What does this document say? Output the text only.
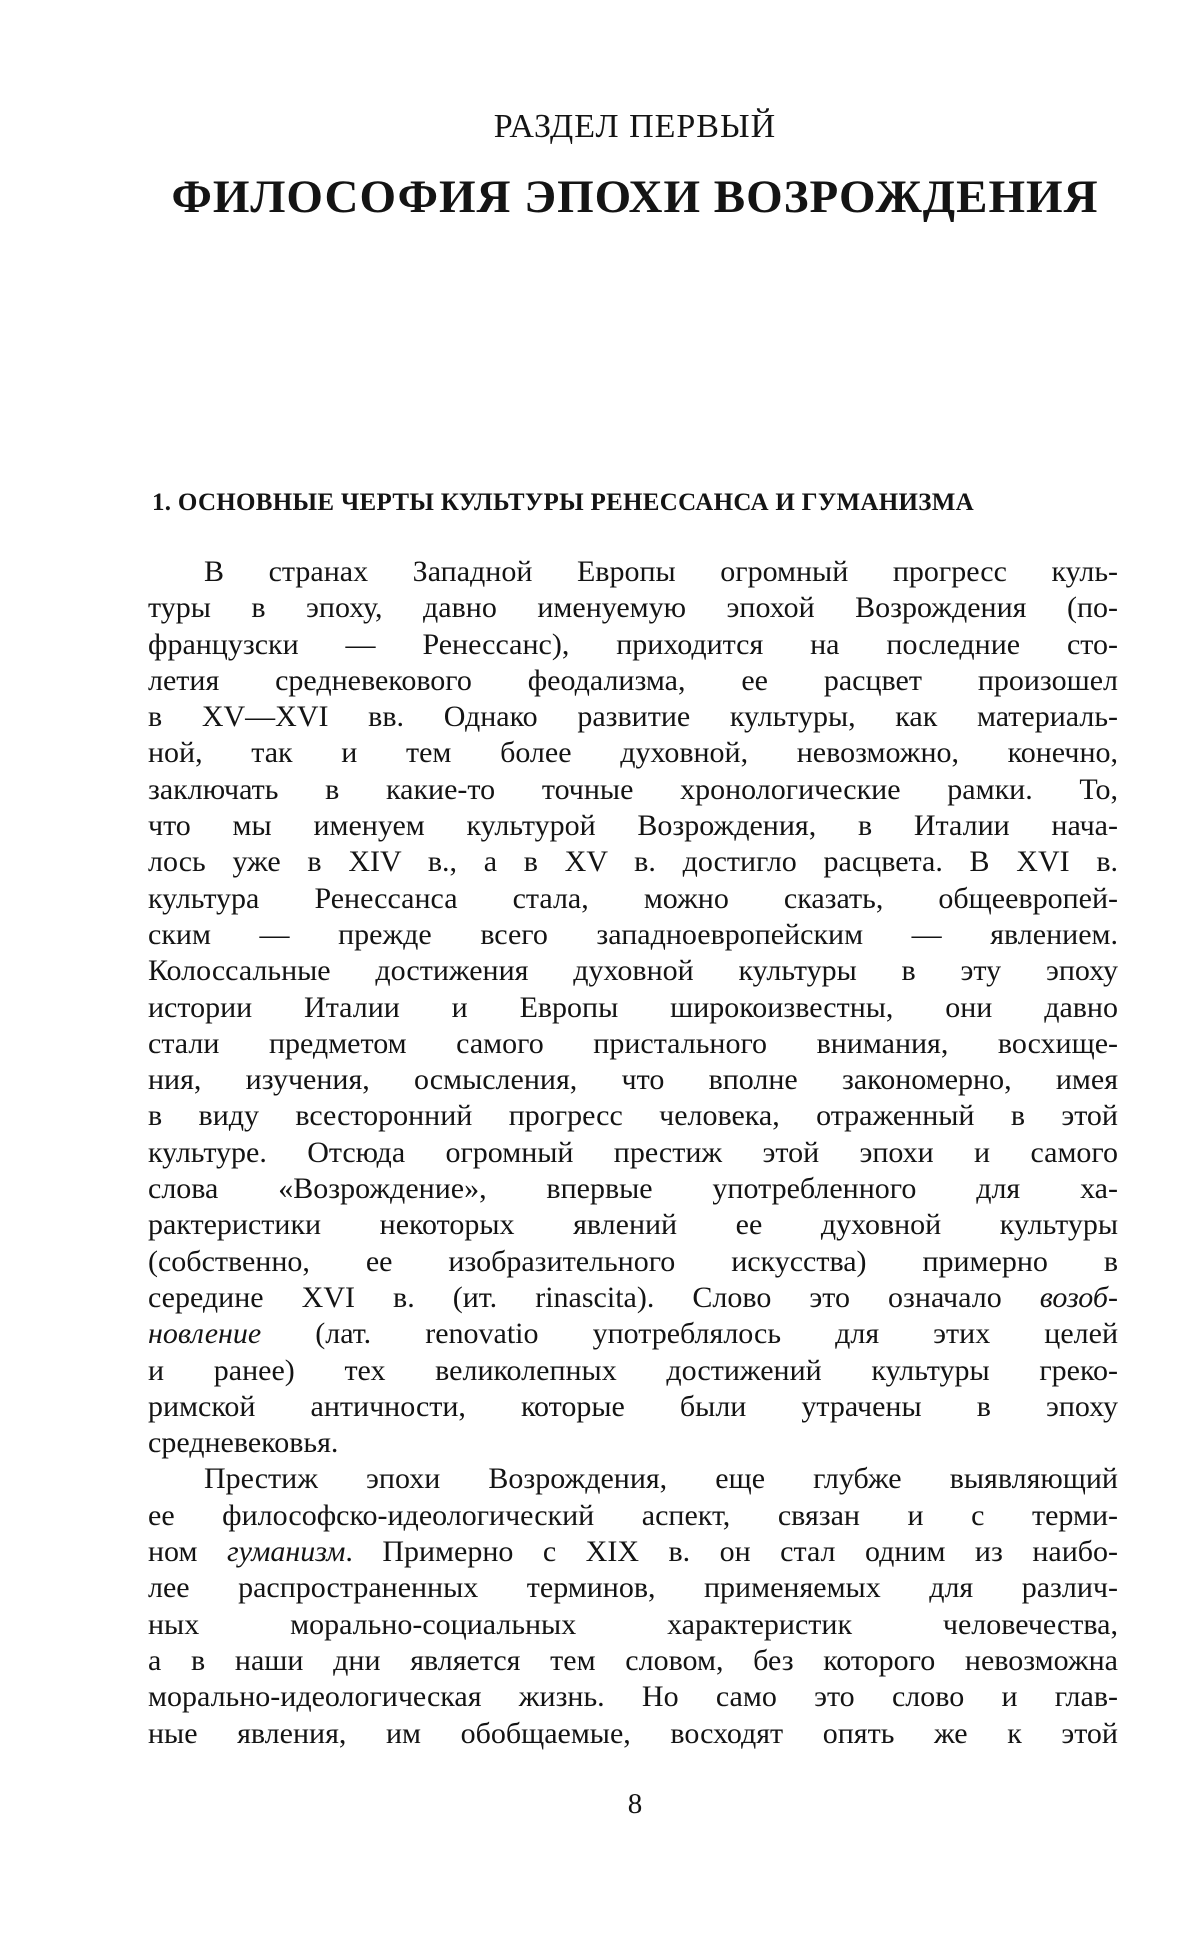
РАЗДЕЛ ПЕРВЫЙ
ФИЛОСОФИЯ ЭПОХИ ВОЗРОЖДЕНИЯ
1. ОСНОВНЫЕ ЧЕРТЫ КУЛЬТУРЫ РЕНЕССАНСА И ГУМАНИЗМА
В странах Западной Европы огромный прогресс куль-
туры в эпоху, давно именуемую эпохой Возрождения (по-
французски — Ренессанс), приходится на последние сто-
летия средневекового феодализма, ее расцвет произошел
в XV—XVI вв. Однако развитие культуры, как материаль-
ной, так и тем более духовной, невозможно, конечно,
заключать в какие-то точные хронологические рамки. То,
что мы именуем культурой Возрождения, в Италии нача-
лось уже в XIV в., а в XV в. достигло расцвета. В XVI в.
культура Ренессанса стала, можно сказать, общеевропей-
ским — прежде всего западноевропейским — явлением.
Колоссальные достижения духовной культуры в эту эпоху
истории Италии и Европы широкоизвестны, они давно
стали предметом самого пристального внимания, восхище-
ния, изучения, осмысления, что вполне закономерно, имея
в виду всесторонний прогресс человека, отраженный в этой
культуре. Отсюда огромный престиж этой эпохи и самого
слова «Возрождение», впервые употребленного для ха-
рактеристики некоторых явлений ее духовной культуры
(собственно, ее изобразительного искусства) примерно в
середине XVI в. (ит. rinascita). Слово это означало возоб-
новление (лат. renovatio употреблялось для этих целей
и ранее) тех великолепных достижений культуры греко-
римской античности, которые были утрачены в эпоху
средневековья.
Престиж эпохи Возрождения, еще глубже выявляющий
ее философско-идеологический аспект, связан и с терми-
ном гуманизм. Примерно с XIX в. он стал одним из наибо-
лее распространенных терминов, применяемых для различ-
ных морально-социальных характеристик человечества,
а в наши дни является тем словом, без которого невозможна
морально-идеологическая жизнь. Но само это слово и глав-
ные явления, им обобщаемые, восходят опять же к этой
8
